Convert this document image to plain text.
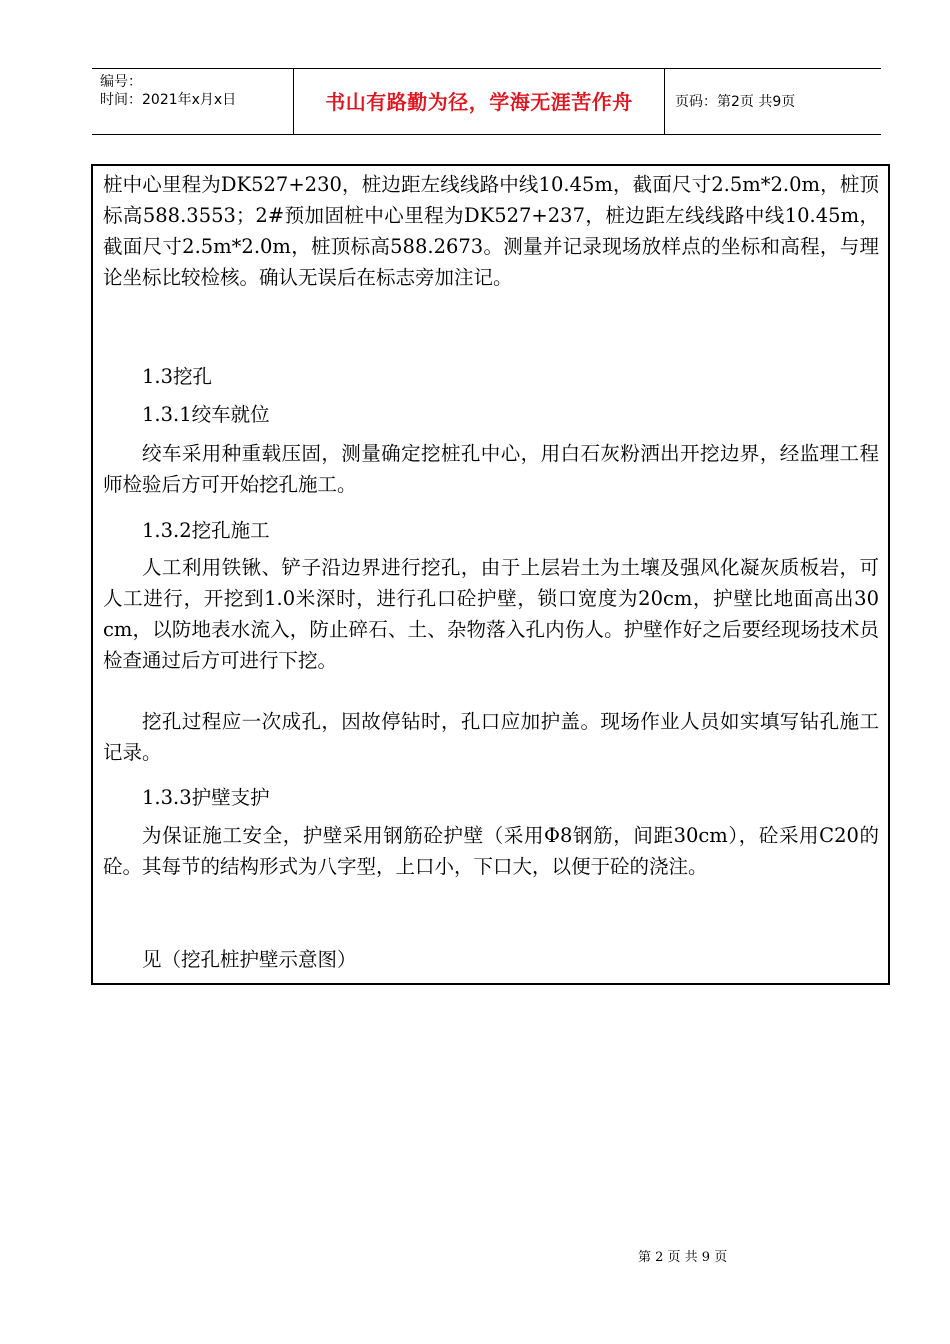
编号：
时间：2021年x月x日	书山有路勤为径，学海无涯苦作舟	页码：第2页 共9页

桩中心里程为DK527+230，桩边距左线线路中线10.45m，截面尺寸2.5m*2.0m，桩顶标高588.3553；2#预加固桩中心里程为DK527+237，桩边距左线线路中线10.45m，截面尺寸2.5m*2.0m，桩顶标高588.2673。测量并记录现场放样点的坐标和高程，与理论坐标比较检核。确认无误后在标志旁加注记。

1.3挖孔

1.3.1绞车就位

绞车采用种重载压固，测量确定挖桩孔中心，用白石灰粉洒出开挖边界，经监理工程师检验后方可开始挖孔施工。

1.3.2挖孔施工

人工利用铁锹、铲子沿边界进行挖孔，由于上层岩土为土壤及强风化凝灰质板岩，可人工进行，开挖到1.0米深时，进行孔口砼护壁，锁口宽度为20cm，护壁比地面高出30 cm，以防地表水流入，防止碎石、土、杂物落入孔内伤人。护壁作好之后要经现场技术员检查通过后方可进行下挖。

挖孔过程应一次成孔，因故停钻时，孔口应加护盖。现场作业人员如实填写钻孔施工记录。

1.3.3护壁支护

为保证施工安全，护壁采用钢筋砼护壁（采用Φ8钢筋，间距30cm），砼采用C20的砼。其每节的结构形式为八字型，上口小，下口大，以便于砼的浇注。

见（挖孔桩护壁示意图）

第 2 页 共 9 页
